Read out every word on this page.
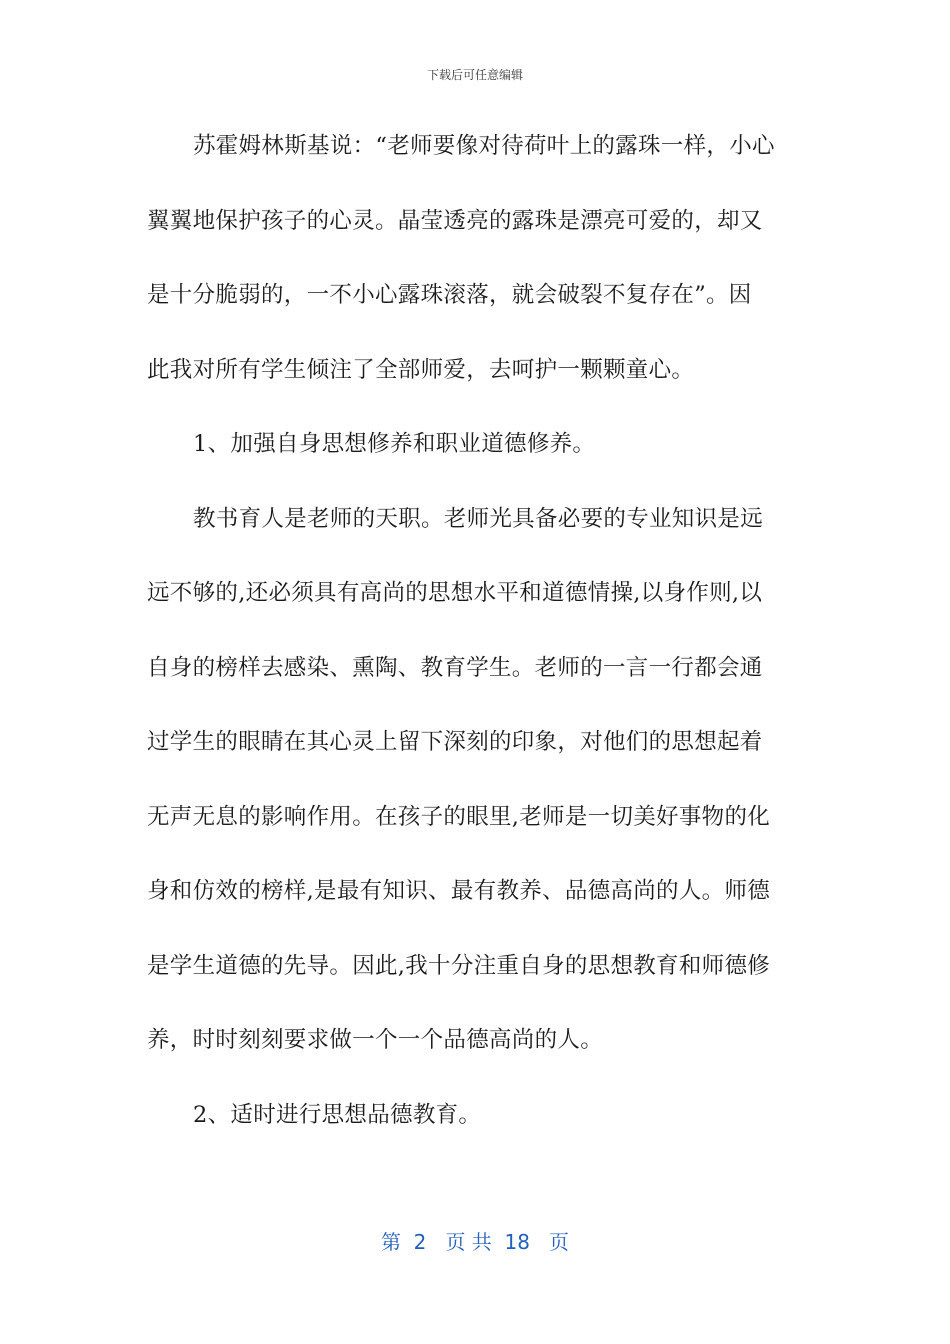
下载后可任意编辑
苏霍姆林斯基说：“老师要像对待荷叶上的露珠一样，小心
翼翼地保护孩子的心灵。晶莹透亮的露珠是漂亮可爱的，却又
是十分脆弱的，一不小心露珠滚落，就会破裂不复存在”。因
此我对所有学生倾注了全部师爱，去呵护一颗颗童心。
1、加强自身思想修养和职业道德修养。
教书育人是老师的天职。老师光具备必要的专业知识是远
远不够的,还必须具有高尚的思想水平和道德情操,以身作则,以
自身的榜样去感染、熏陶、教育学生。老师的一言一行都会通
过学生的眼睛在其心灵上留下深刻的印象，对他们的思想起着
无声无息的影响作用。在孩子的眼里,老师是一切美好事物的化
身和仿效的榜样,是最有知识、最有教养、品德高尚的人。师德
是学生道德的先导。因此,我十分注重自身的思想教育和师德修
养，时时刻刻要求做一个一个品德高尚的人。
2、适时进行思想品德教育。
第  2   页 共  18   页
